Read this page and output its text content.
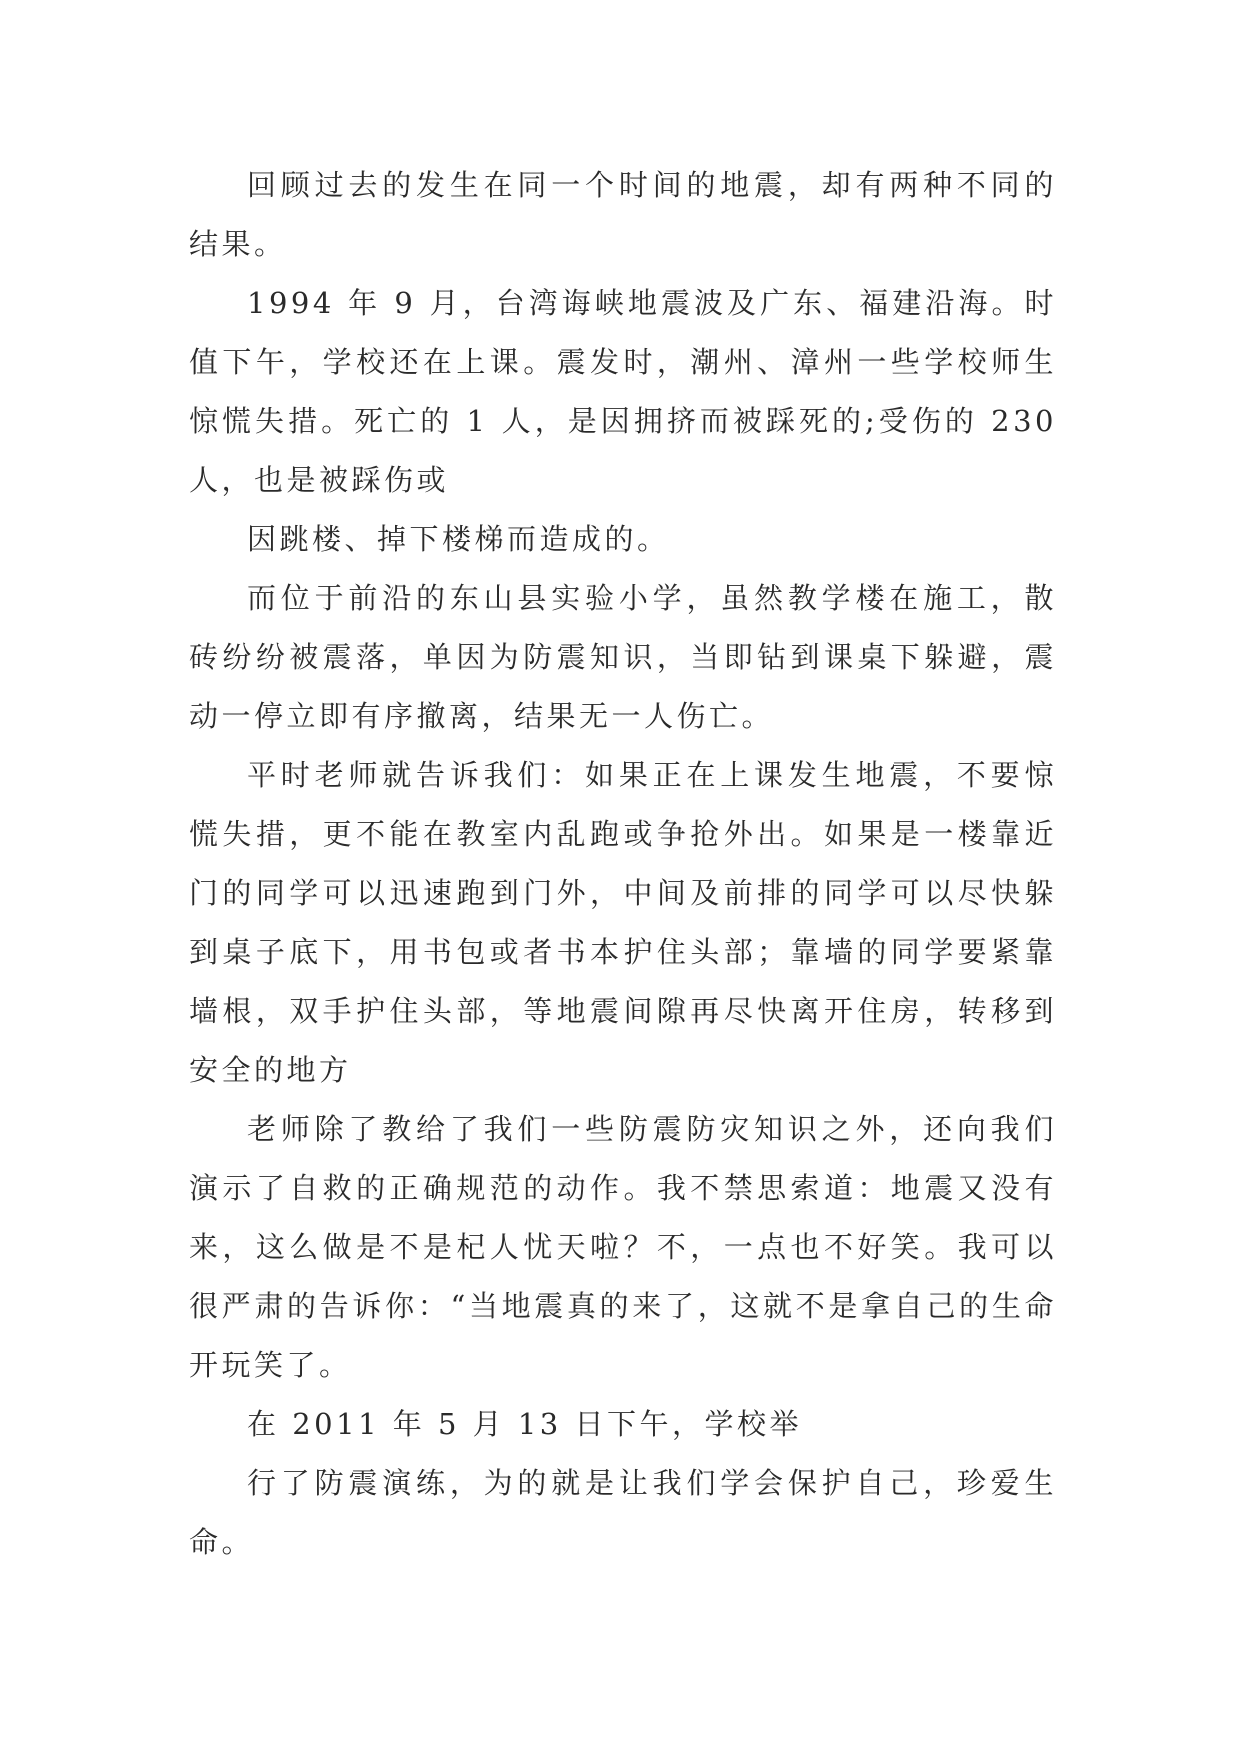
回顾过去的发生在同一个时间的地震，却有两种不同的结果。

1994 年 9 月，台湾诲峡地震波及广东、福建沿海。时值下午，学校还在上课。震发时，潮州、漳州一些学校师生惊慌失措。死亡的 1 人，是因拥挤而被踩死的;受伤的 230 人，也是被踩伤或

因跳楼、掉下楼梯而造成的。

而位于前沿的东山县实验小学，虽然教学楼在施工，散砖纷纷被震落，单因为防震知识，当即钻到课桌下躲避，震动一停立即有序撤离，结果无一人伤亡。

平时老师就告诉我们：如果正在上课发生地震，不要惊慌失措，更不能在教室内乱跑或争抢外出。如果是一楼靠近门的同学可以迅速跑到门外，中间及前排的同学可以尽快躲到桌子底下，用书包或者书本护住头部；靠墙的同学要紧靠墙根，双手护住头部，等地震间隙再尽快离开住房，转移到安全的地方

老师除了教给了我们一些防震防灾知识之外，还向我们演示了自救的正确规范的动作。我不禁思索道：地震又没有来，这么做是不是杞人忧天啦？不，一点也不好笑。我可以很严肃的告诉你：“当地震真的来了，这就不是拿自己的生命开玩笑了。

在 2011 年 5 月 13 日下午，学校举

行了防震演练，为的就是让我们学会保护自己，珍爱生命。
